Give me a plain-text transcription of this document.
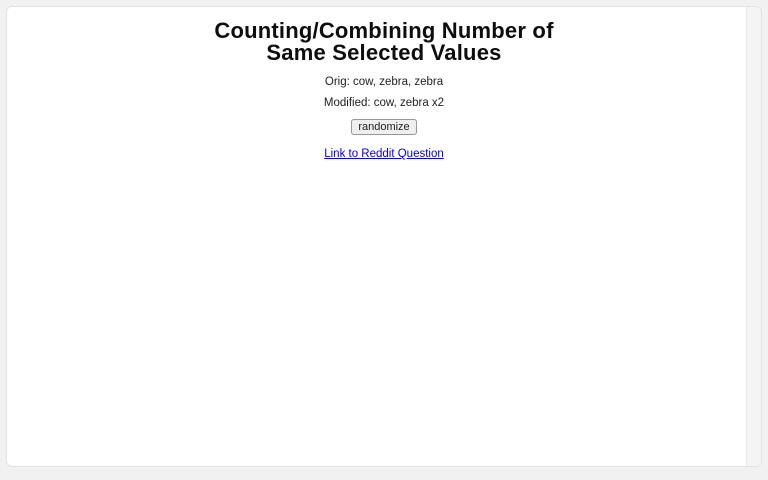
Counting/Combining Number of
Same Selected Values
Orig: cow, zebra, zebra
Modified: cow, zebra x2
randomize
Link to Reddit Question
